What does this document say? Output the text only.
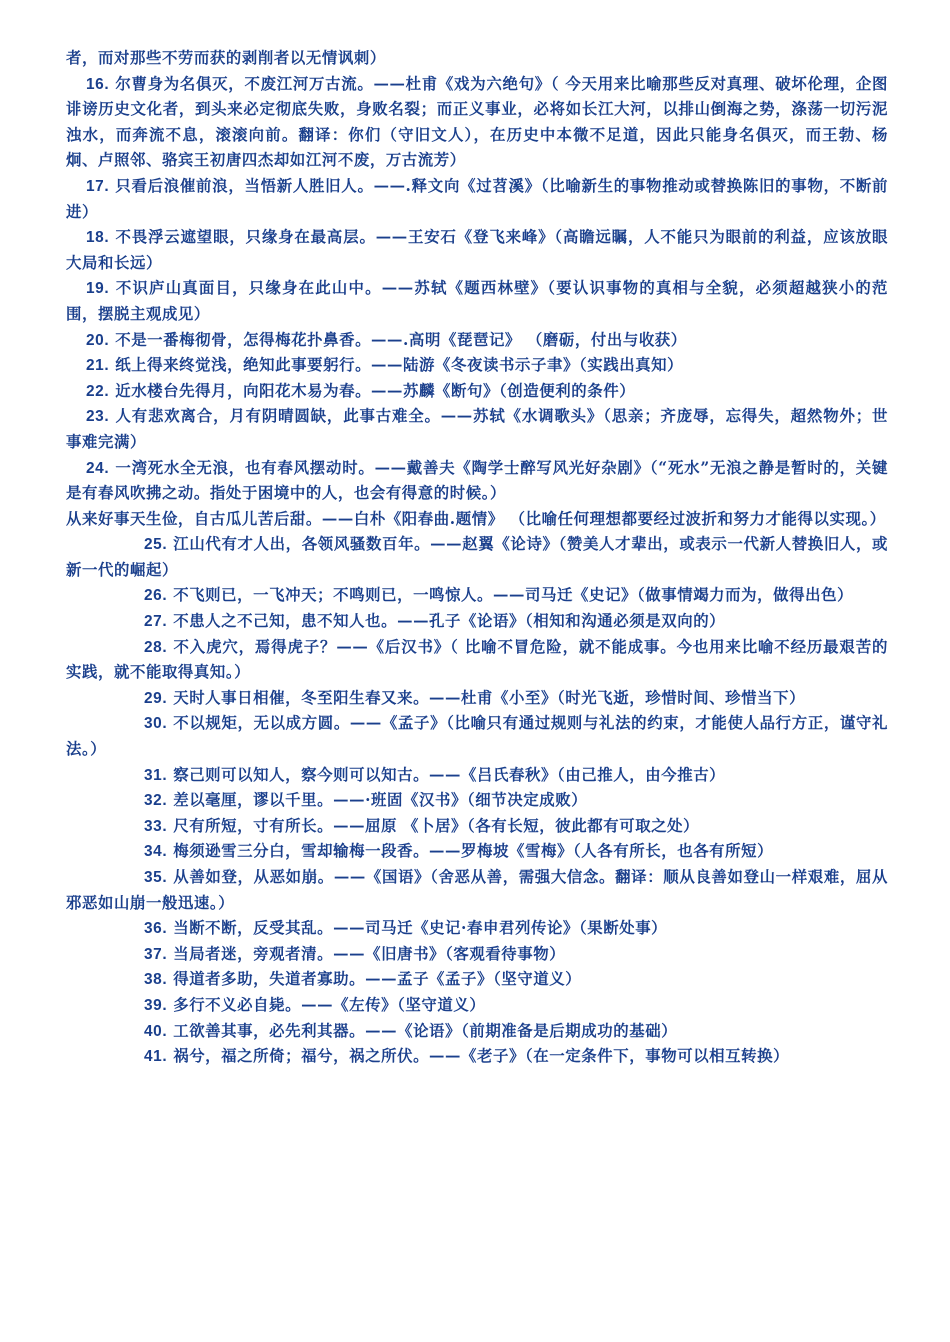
者，而对那些不劳而获的剥削者以无情讽刺）

16. 尔曹身为名俱灭，不废江河万古流。——杜甫《戏为六绝句》（ 今天用来比喻那些反对真理、破坏伦理，企图诽谤历史文化者，到头来必定彻底失败，身败名裂；而正义事业，必将如长江大河，以排山倒海之势，涤荡一切污泥浊水，而奔流不息，滚滚向前。翻译：你们（守旧文人），在历史中本微不足道，因此只能身名俱灭，而王勃、杨炯、卢照邻、骆宾王初唐四杰却如江河不废，万古流芳）

17. 只看后浪催前浪，当悟新人胜旧人。——.释文向《过苕溪》（比喻新生的事物推动或替换陈旧的事物，不断前进）

18. 不畏浮云遮望眼，只缘身在最高层。——王安石《登飞来峰》（高瞻远瞩，人不能只为眼前的利益，应该放眼大局和长远）

19. 不识庐山真面目，只缘身在此山中。——苏轼《题西林壁》（要认识事物的真相与全貌，必须超越狭小的范围，摆脱主观成见）

20. 不是一番梅彻骨，怎得梅花扑鼻香。——.高明《琵琶记》 （磨砺，付出与收获）

21. 纸上得来终觉浅，绝知此事要躬行。——陆游《冬夜读书示子聿》（实践出真知）

22. 近水楼台先得月，向阳花木易为春。——苏麟《断句》（创造便利的条件）

23. 人有悲欢离合，月有阴晴圆缺，此事古难全。——苏轼《水调歌头》（思亲；齐庞辱，忘得失，超然物外；世事难完满）

24. 一湾死水全无浪，也有春风摆动时。——戴善夫《陶学士醉写风光好杂剧》（“死水”无浪之静是暂时的，关键是有春风吹拂之动。指处于困境中的人，也会有得意的时候。）

从来好事天生俭，自古瓜儿苦后甜。——白朴《阳春曲.题情》 （比喻任何理想都要经过波折和努力才能得以实现。）

25. 江山代有才人出，各领风骚数百年。——赵翼《论诗》（赞美人才辈出，或表示一代新人替换旧人，或新一代的崛起）

26. 不飞则已，一飞冲天；不鸣则已，一鸣惊人。——司马迁《史记》（做事情竭力而为，做得出色）

27. 不患人之不己知，患不知人也。——孔子《论语》（相知和沟通必须是双向的）

28. 不入虎穴，焉得虎子？——《后汉书》（ 比喻不冒危险，就不能成事。今也用来比喻不经历最艰苦的实践，就不能取得真知。）

29. 天时人事日相催，冬至阳生春又来。——杜甫《小至》（时光飞逝，珍惜时间、珍惜当下）

30. 不以规矩，无以成方圆。——《孟子》（比喻只有通过规则与礼法的约束，才能使人品行方正，谨守礼法。）

31. 察己则可以知人，察今则可以知古。——《吕氏春秋》（由己推人，由今推古）

32. 差以毫厘，谬以千里。——·班固《汉书》（细节决定成败）

33. 尺有所短，寸有所长。——屈原 《卜居》（各有长短，彼此都有可取之处）

34. 梅须逊雪三分白，雪却输梅一段香。——罗梅坡《雪梅》（人各有所长，也各有所短）

35. 从善如登，从恶如崩。——《国语》（舍恶从善，需强大信念。翻译：顺从良善如登山一样艰难，屈从邪恶如山崩一般迅速。）

36. 当断不断，反受其乱。——司马迁《史记·春申君列传论》（果断处事）

37. 当局者迷，旁观者清。——《旧唐书》（客观看待事物）

38. 得道者多助，失道者寡助。——孟子《孟子》（坚守道义）

39. 多行不义必自毙。——《左传》（坚守道义）

40. 工欲善其事，必先利其器。——《论语》（前期准备是后期成功的基础）

41. 祸兮，福之所倚；福兮，祸之所伏。——《老子》（在一定条件下，事物可以相互转换）
